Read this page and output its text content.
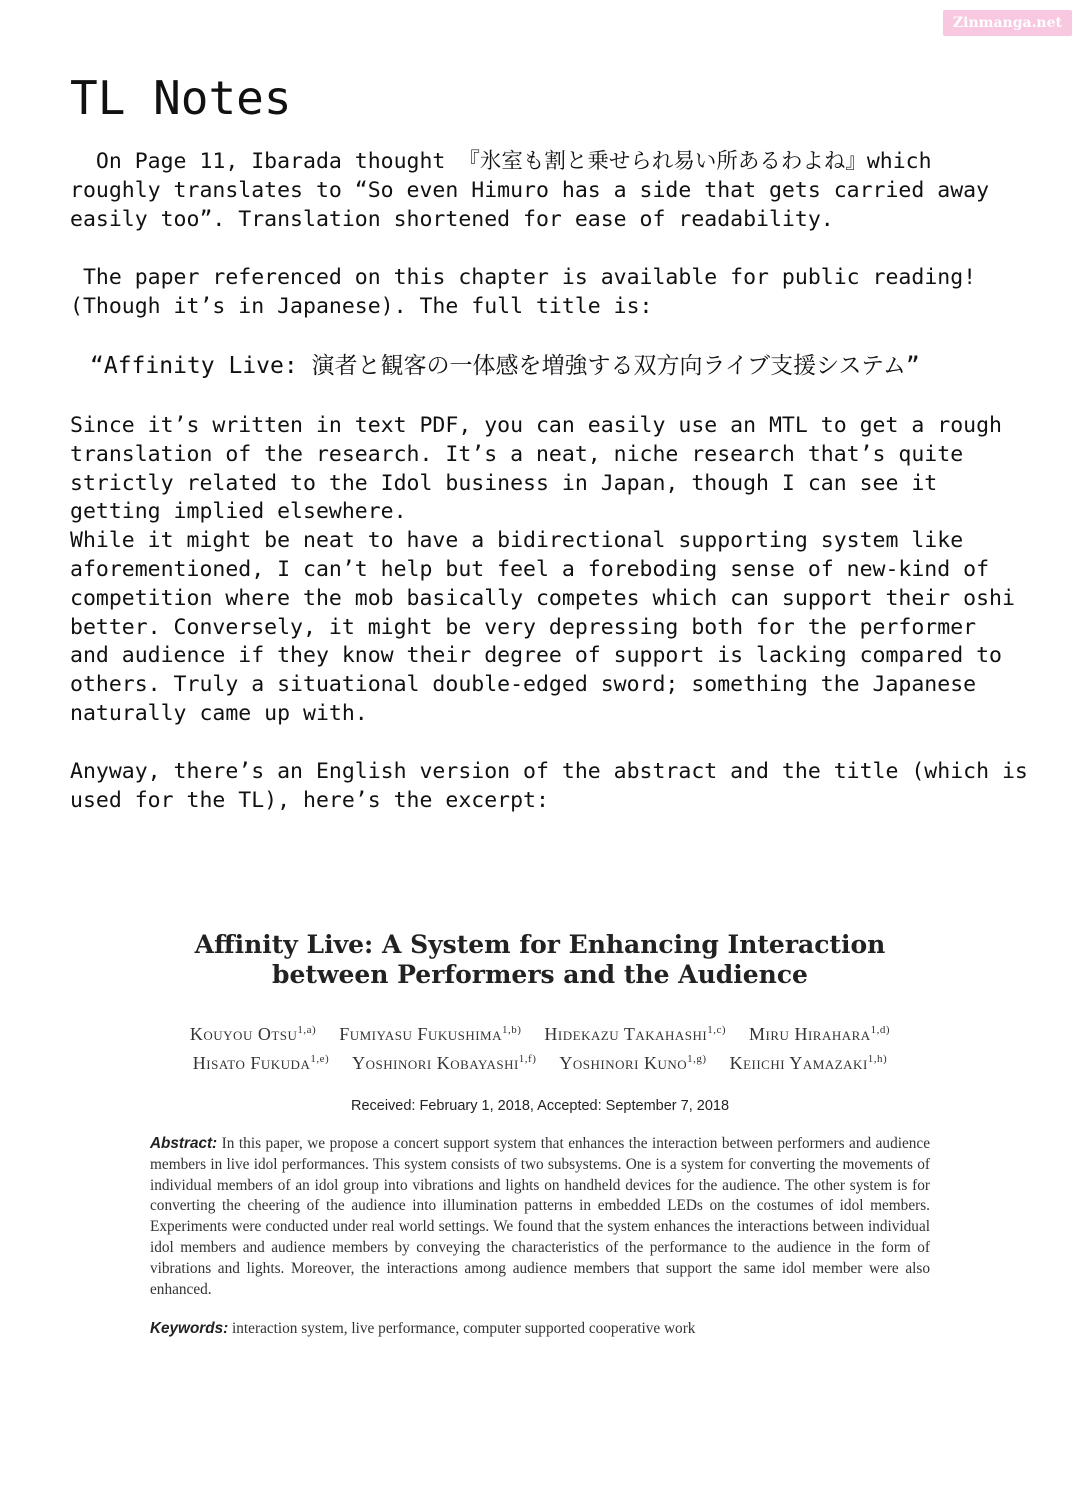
Zinmanga.net
TL Notes

On Page 11, Ibarada thought 『氷室も割と乗せられ易い所あるわよね』which
roughly translates to “So even Himuro has a side that gets carried away
easily too”. Translation shortened for ease of readability.

The paper referenced on this chapter is available for public reading!
(Though it’s in Japanese). The full title is:

“Affinity Live: 演者と観客の一体感を増強する双方向ライブ支援システム”

Since it’s written in text PDF, you can easily use an MTL to get a rough
translation of the research. It’s a neat, niche research that’s quite
strictly related to the Idol business in Japan, though I can see it
getting implied elsewhere.
While it might be neat to have a bidirectional supporting system like
aforementioned, I can’t help but feel a foreboding sense of new-kind of
competition where the mob basically competes which can support their oshi
better. Conversely, it might be very depressing both for the performer
and audience if they know their degree of support is lacking compared to
others. Truly a situational double-edged sword; something the Japanese
naturally came up with.

Anyway, there’s an English version of the abstract and the title (which is
used for the TL), here’s the excerpt:

Affinity Live: A System for Enhancing Interaction
between Performers and the Audience
Kouyou Otsu$^{1,a)}$ Fumiyasu Fukushima$^{1,b)}$ Hidekazu Takahashi$^{1,c)}$ Miru Hirahara$^{1,d)}$
Hisato Fukuda$^{1,e)}$ Yoshinori Kobayashi$^{1,f)}$ Yoshinori Kuno$^{1,g)}$ Keiichi Yamazaki$^{1,h)}$
Received: February 1, 2018, Accepted: September 7, 2018
Abstract: In this paper, we propose a concert support system that enhances the interaction between performers and audience members in live idol performances. This system consists of two subsystems. One is a system for converting the movements of individual members of an idol group into vibrations and lights on handheld devices for the audience. The other system is for converting the cheering of the audience into illumination patterns in embedded LEDs on the costumes of idol members. Experiments were conducted under real world settings. We found that the system enhances the interactions between individual idol members and audience members by conveying the characteristics of the performance to the audience in the form of vibrations and lights. Moreover, the interactions among audience members that support the same idol member were also enhanced.
Keywords: interaction system, live performance, computer supported cooperative work
